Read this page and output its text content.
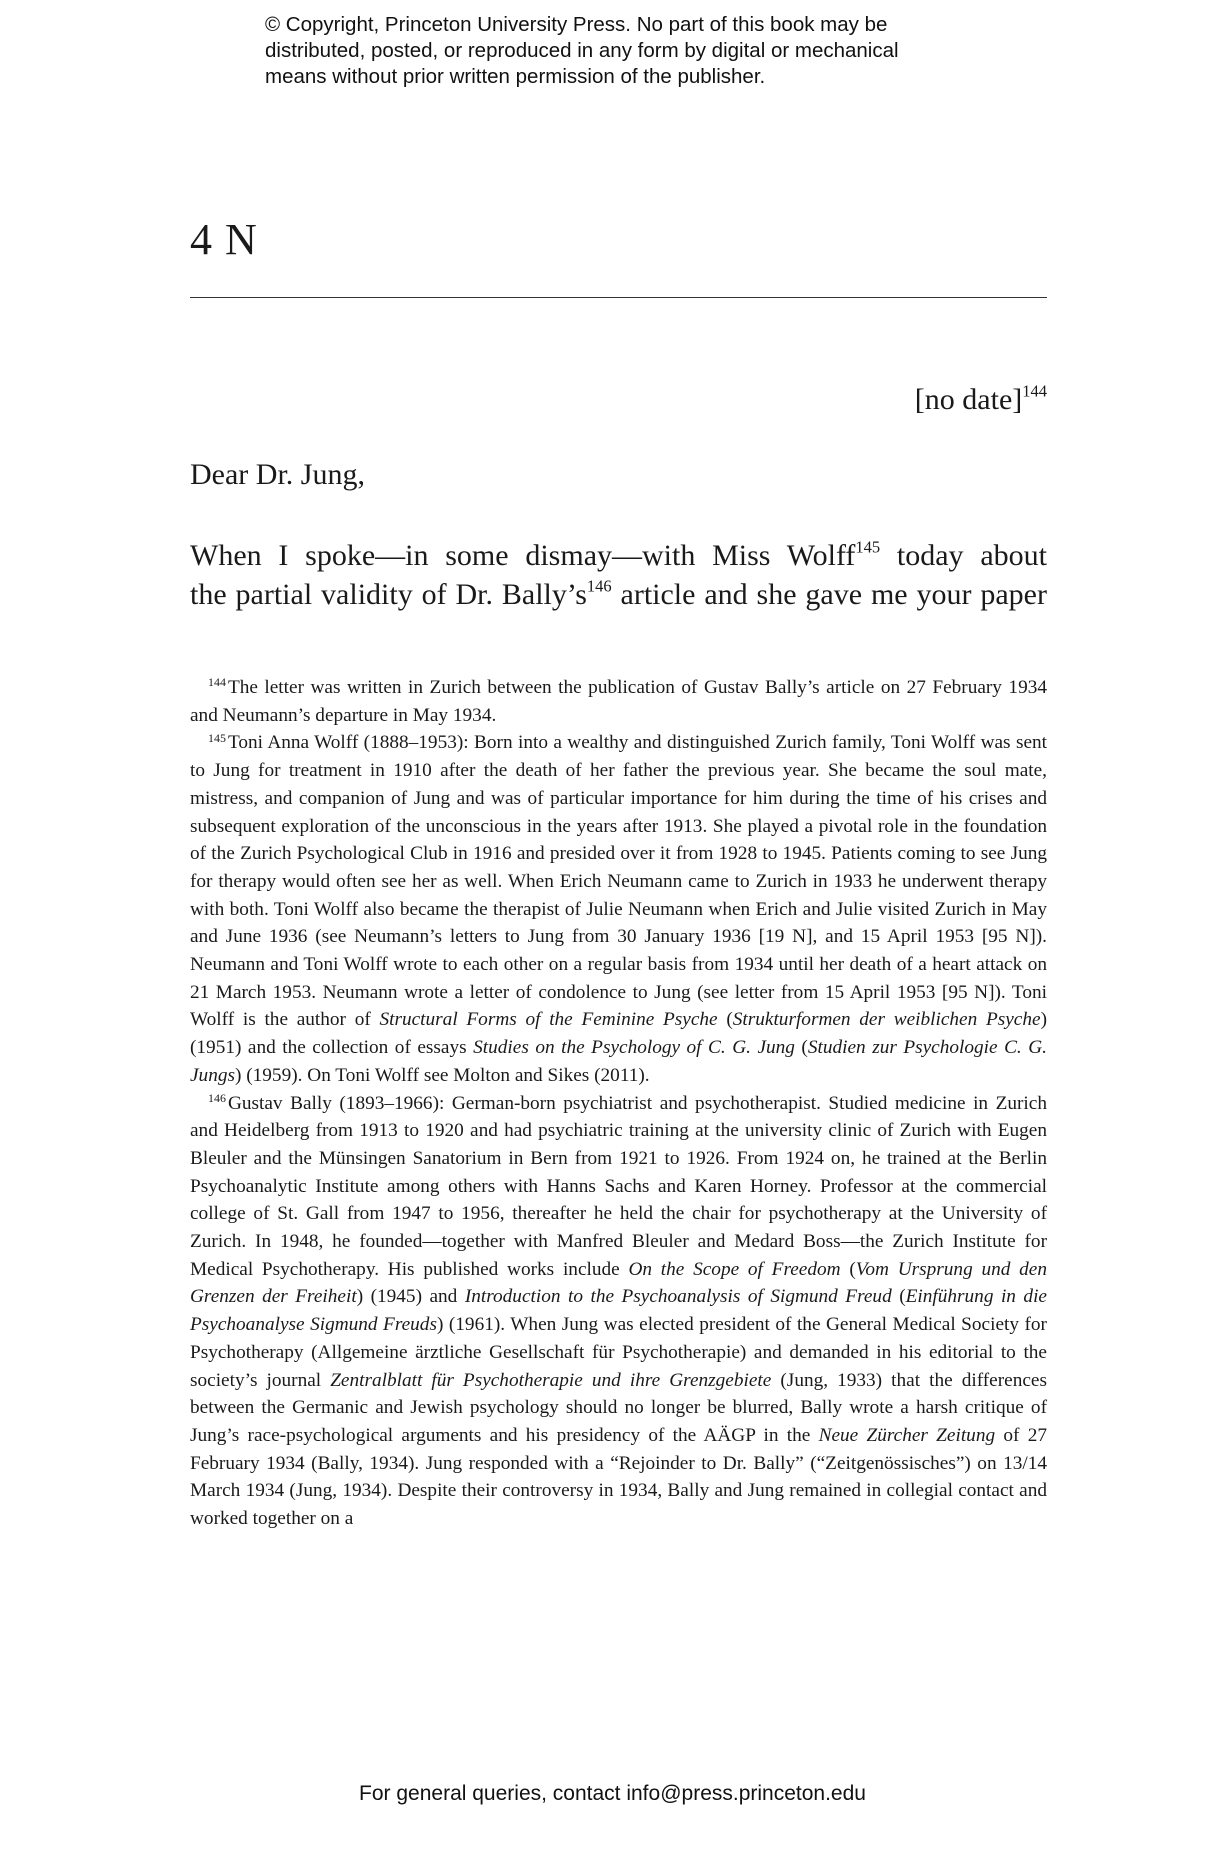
© Copyright, Princeton University Press. No part of this book may be
distributed, posted, or reproduced in any form by digital or mechanical
means without prior written permission of the publisher.
4 N
[no date]$^{144}$
Dear Dr. Jung,
When I spoke—in some dismay—with Miss Wolff$^{145}$ today about
the partial validity of Dr. $Bally’s^{146}$ article and she gave me your paper

$^{144}$ The letter was written in Zurich between the publication of Gustav Bally’s article on 27 February 1934 and Neumann’s departure in May 1934.

$^{145}$ Toni Anna Wolff (1888–1953): Born into a wealthy and distinguished Zurich family, Toni Wolff was sent to Jung for treatment in 1910 after the death of her father the previous year. She became the soul mate, mistress, and companion of Jung and was of particular importance for him during the time of his crises and subsequent exploration of the unconscious in the years after 1913. She played a pivotal role in the foundation of the Zurich Psychological Club in 1916 and presided over it from 1928 to 1945. Patients coming to see Jung for therapy would often see her as well. When Erich Neumann came to Zurich in 1933 he underwent therapy with both. Toni Wolff also became the therapist of Julie Neumann when Erich and Julie visited Zurich in May and June 1936 (see Neumann’s letters to Jung from 30 January 1936 [19 N], and 15 April 1953 [95 N]). Neumann and Toni Wolff wrote to each other on a regular basis from 1934 until her death of a heart attack on 21 March 1953. Neumann wrote a letter of condolence to Jung (see letter from 15 April 1953 [95 N]). Toni Wolff is the author of Structural Forms of the Feminine Psyche (Strukturformen der weiblichen Psyche) (1951) and the collection of essays Studies on the Psychology of C. G. Jung (Studien zur Psychologie C. G. Jungs) (1959). On Toni Wolff see Molton and Sikes (2011).

$^{146}$ Gustav Bally (1893–1966): German-born psychiatrist and psychotherapist. Studied medicine in Zurich and Heidelberg from 1913 to 1920 and had psychiatric training at the university clinic of Zurich with Eugen Bleuler and the Münsingen Sanatorium in Bern from 1921 to 1926. From 1924 on, he trained at the Berlin Psychoanalytic Institute among others with Hanns Sachs and Karen Horney. Professor at the commercial college of St. Gall from 1947 to 1956, thereafter he held the chair for psychotherapy at the University of Zurich. In 1948, he founded—together with Manfred Bleuler and Medard Boss—the Zurich Institute for Medical Psychotherapy. His published works include On the Scope of Freedom (Vom Ursprung und den Grenzen der Freiheit) (1945) and Introduction to the Psychoanalysis of Sigmund Freud (Einführung in die Psychoanalyse Sigmund Freuds) (1961). When Jung was elected president of the General Medical Society for Psychotherapy (Allgemeine ärztliche Gesellschaft für Psychotherapie) and demanded in his editorial to the society’s journal Zentralblatt für Psychotherapie und ihre Grenzgebiete (Jung, 1933) that the differences between the Germanic and Jewish psychology should no longer be blurred, Bally wrote a harsh critique of Jung’s race-psychological arguments and his presidency of the AÄGP in the Neue Zürcher Zeitung of 27 February 1934 (Bally, 1934). Jung responded with a “Rejoinder to Dr. Bally” (“Zeitgenössisches”) on 13/14 March 1934 (Jung, 1934). Despite their controversy in 1934, Bally and Jung remained in collegial contact and worked together on a

For general queries, contact info@press.princeton.edu
